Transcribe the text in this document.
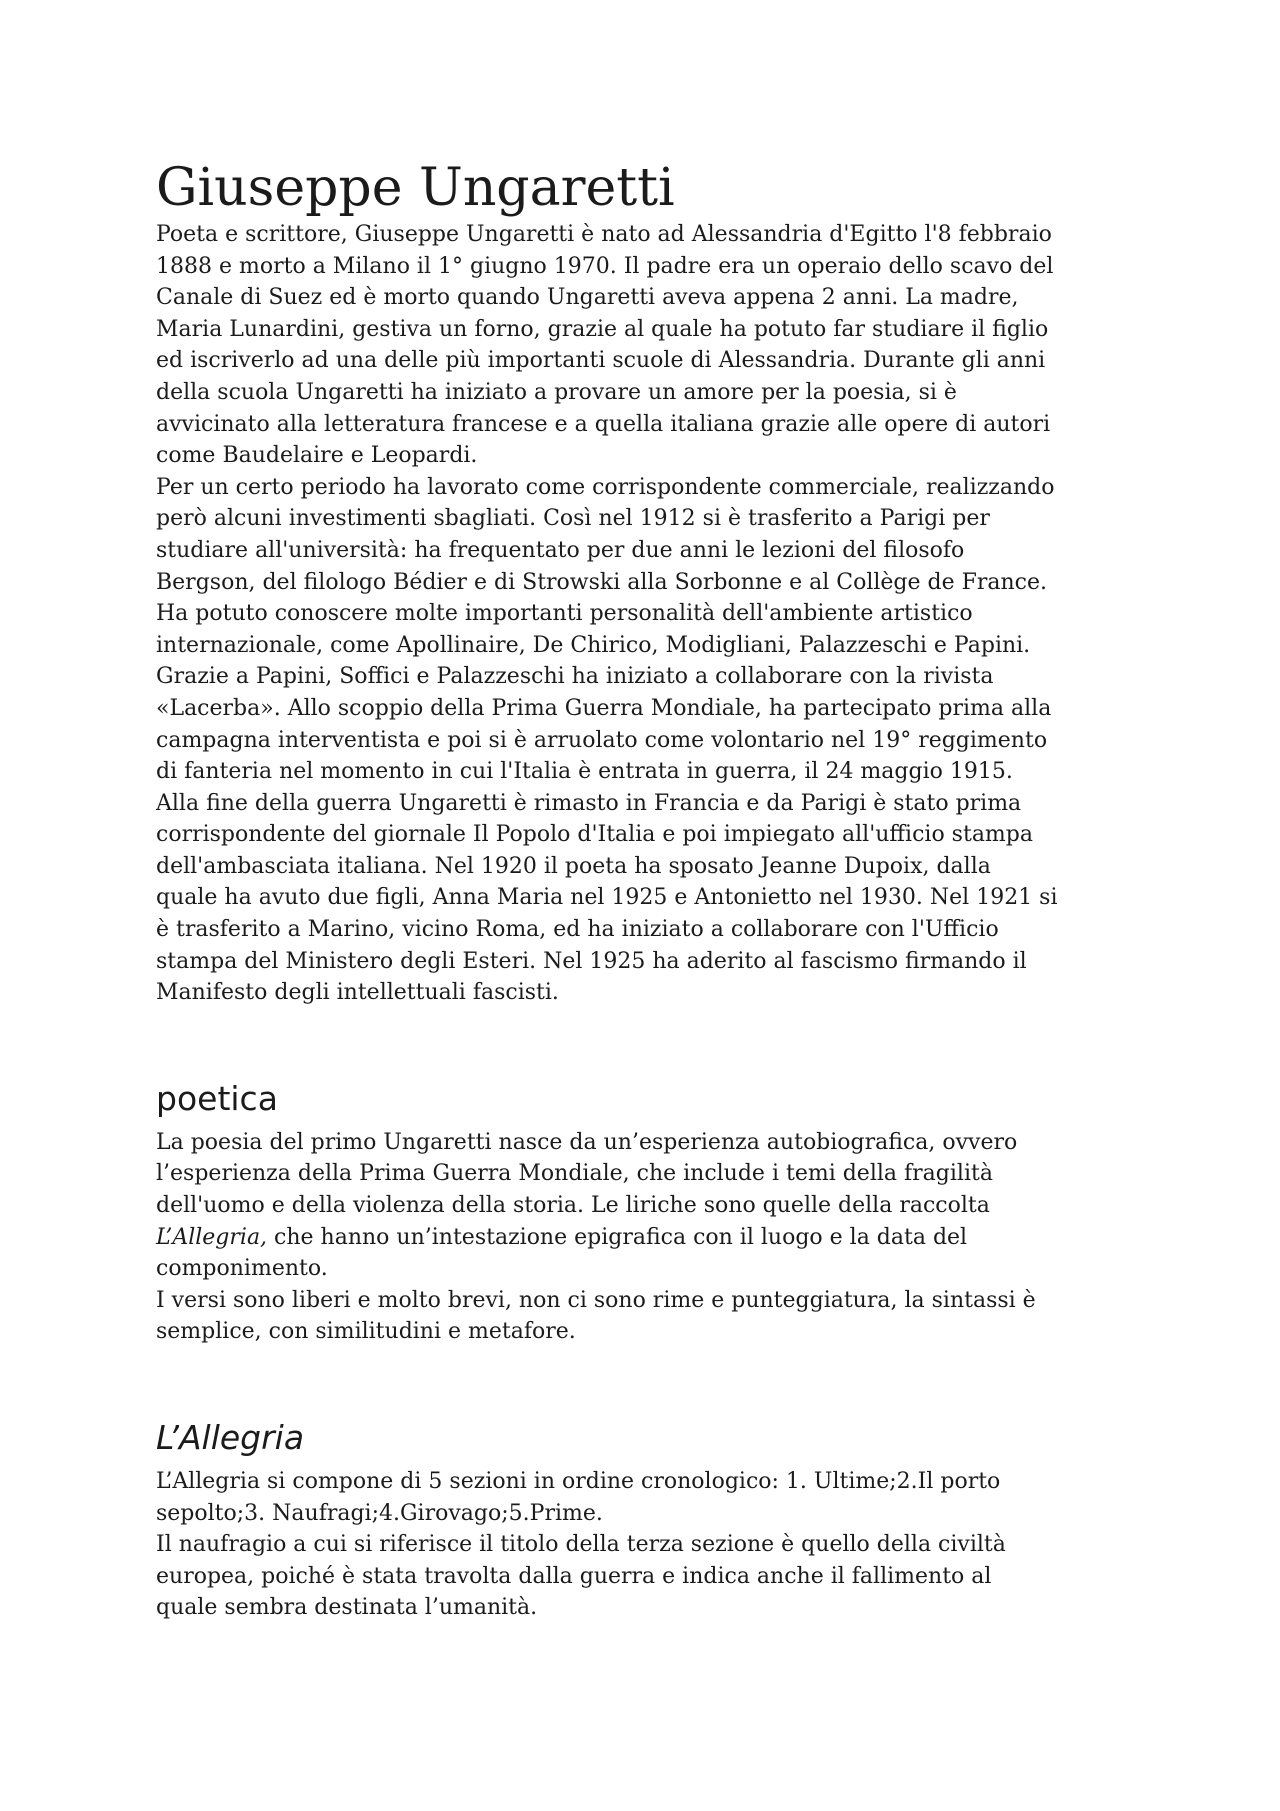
Giuseppe Ungaretti

Poeta e scrittore, Giuseppe Ungaretti è nato ad Alessandria d'Egitto l'8 febbraio
1888 e morto a Milano il 1° giugno 1970. Il padre era un operaio dello scavo del
Canale di Suez ed è morto quando Ungaretti aveva appena 2 anni. La madre,
Maria Lunardini, gestiva un forno, grazie al quale ha potuto far studiare il figlio
ed iscriverlo ad una delle più importanti scuole di Alessandria. Durante gli anni
della scuola Ungaretti ha iniziato a provare un amore per la poesia, si è
avvicinato alla letteratura francese e a quella italiana grazie alle opere di autori
come Baudelaire e Leopardi.
Per un certo periodo ha lavorato come corrispondente commerciale, realizzando
però alcuni investimenti sbagliati. Così nel 1912 si è trasferito a Parigi per
studiare all'università: ha frequentato per due anni le lezioni del filosofo
Bergson, del filologo Bédier e di Strowski alla Sorbonne e al Collège de France.
Ha potuto conoscere molte importanti personalità dell'ambiente artistico
internazionale, come Apollinaire, De Chirico, Modigliani, Palazzeschi e Papini.
Grazie a Papini, Soffici e Palazzeschi ha iniziato a collaborare con la rivista
«Lacerba». Allo scoppio della Prima Guerra Mondiale, ha partecipato prima alla
campagna interventista e poi si è arruolato come volontario nel 19° reggimento
di fanteria nel momento in cui l'Italia è entrata in guerra, il 24 maggio 1915.
Alla fine della guerra Ungaretti è rimasto in Francia e da Parigi è stato prima
corrispondente del giornale Il Popolo d'Italia e poi impiegato all'ufficio stampa
dell'ambasciata italiana. Nel 1920 il poeta ha sposato Jeanne Dupoix, dalla
quale ha avuto due figli, Anna Maria nel 1925 e Antonietto nel 1930. Nel 1921 si
è trasferito a Marino, vicino Roma, ed ha iniziato a collaborare con l'Ufficio
stampa del Ministero degli Esteri. Nel 1925 ha aderito al fascismo firmando il
Manifesto degli intellettuali fascisti.

poetica

La poesia del primo Ungaretti nasce da un’esperienza autobiografica, ovvero
l’esperienza della Prima Guerra Mondiale, che include i temi della fragilità
dell'uomo e della violenza della storia. Le liriche sono quelle della raccolta
L’Allegria, che hanno un’intestazione epigrafica con il luogo e la data del
componimento.
I versi sono liberi e molto brevi, non ci sono rime e punteggiatura, la sintassi è
semplice, con similitudini e metafore.

L’Allegria

L’Allegria si compone di 5 sezioni in ordine cronologico: 1. Ultime;2.Il porto
sepolto;3. Naufragi;4.Girovago;5.Prime.
Il naufragio a cui si riferisce il titolo della terza sezione è quello della civiltà
europea, poiché è stata travolta dalla guerra e indica anche il fallimento al
quale sembra destinata l’umanità.
